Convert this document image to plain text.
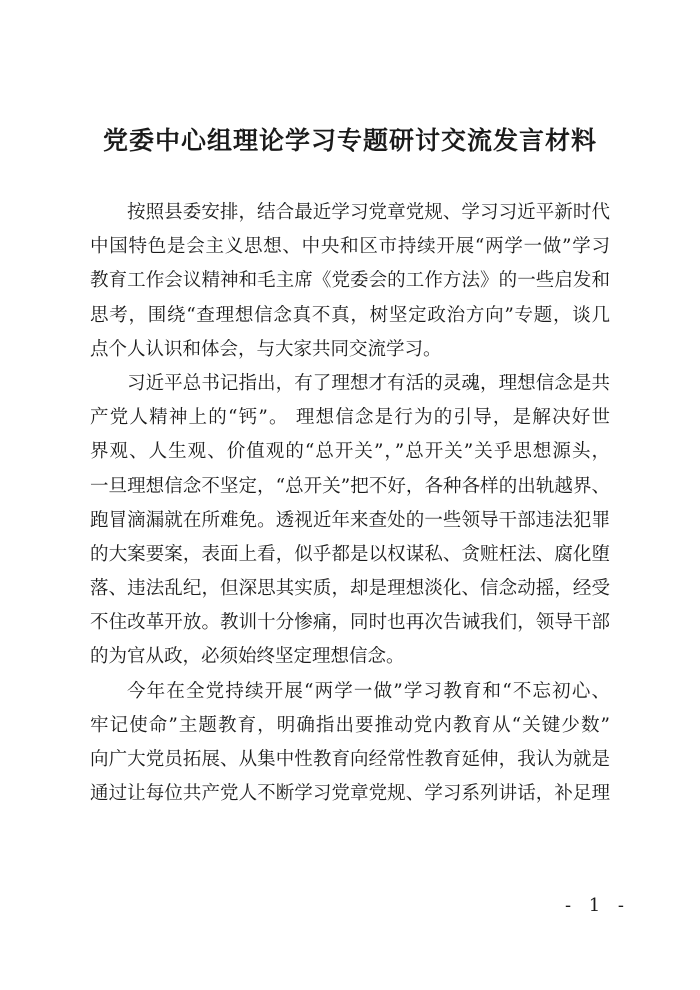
党委中心组理论学习专题研讨交流发言材料

按照县委安排，结合最近学习党章党规、学习习近平新时代
中国特色是会主义思想、中央和区市持续开展“两学一做”学习
教育工作会议精神和毛主席《党委会的工作方法》的一些启发和
思考，围绕“查理想信念真不真，树坚定政治方向”专题，谈几
点个人认识和体会，与大家共同交流学习。

习近平总书记指出，有了理想才有活的灵魂，理想信念是共
产党人精神上的“钙”。 理想信念是行为的引导，是解决好世
界观、人生观、价值观的“总开关”，”总开关”关乎思想源头，
一旦理想信念不坚定，“总开关”把不好，各种各样的出轨越界、
跑冒滴漏就在所难免。透视近年来查处的一些领导干部违法犯罪
的大案要案，表面上看，似乎都是以权谋私、贪赃枉法、腐化堕
落、违法乱纪，但深思其实质，却是理想淡化、信念动摇，经受
不住改革开放。教训十分惨痛，同时也再次告诫我们，领导干部
的为官从政，必须始终坚定理想信念。

今年在全党持续开展“两学一做”学习教育和“不忘初心、
牢记使命”主题教育，明确指出要推动党内教育从“关键少数”
向广大党员拓展、从集中性教育向经常性教育延伸，我认为就是
通过让每位共产党人不断学习党章党规、学习系列讲话，补足理

- 1 -
